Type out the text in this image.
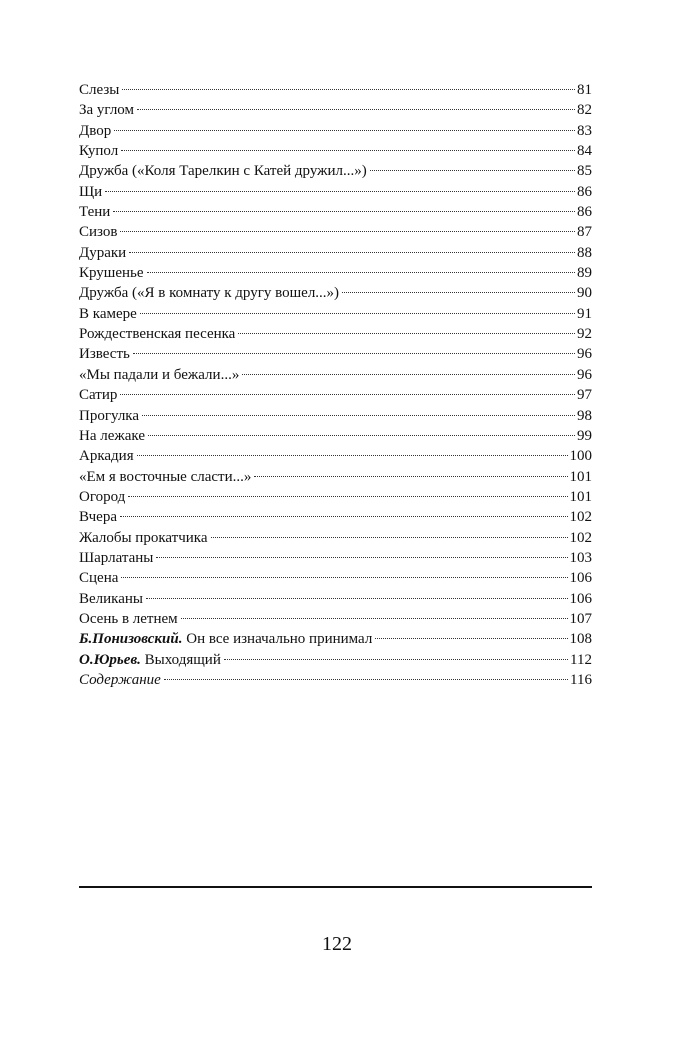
Слезы	81
За углом	82
Двор	83
Купол	84
Дружба («Коля Тарелкин с Катей дружил...»)	85
Щи	86
Тени	86
Сизов	87
Дураки	88
Крушенье	89
Дружба («Я в комнату к другу вошел...»)	90
В камере	91
Рождественская песенка	92
Известь	96
«Мы падали и бежали...»	96
Сатир	97
Прогулка	98
На лежаке	99
Аркадия	100
«Ем я восточные сласти...»	101
Огород	101
Вчера	102
Жалобы прокатчика	102
Шарлатаны	103
Сцена	106
Великаны	106
Осень в летнем	107
Б.Понизовский. Он все изначально принимал	108
О.Юрьев. Выходящий	112
Содержание	116
122
